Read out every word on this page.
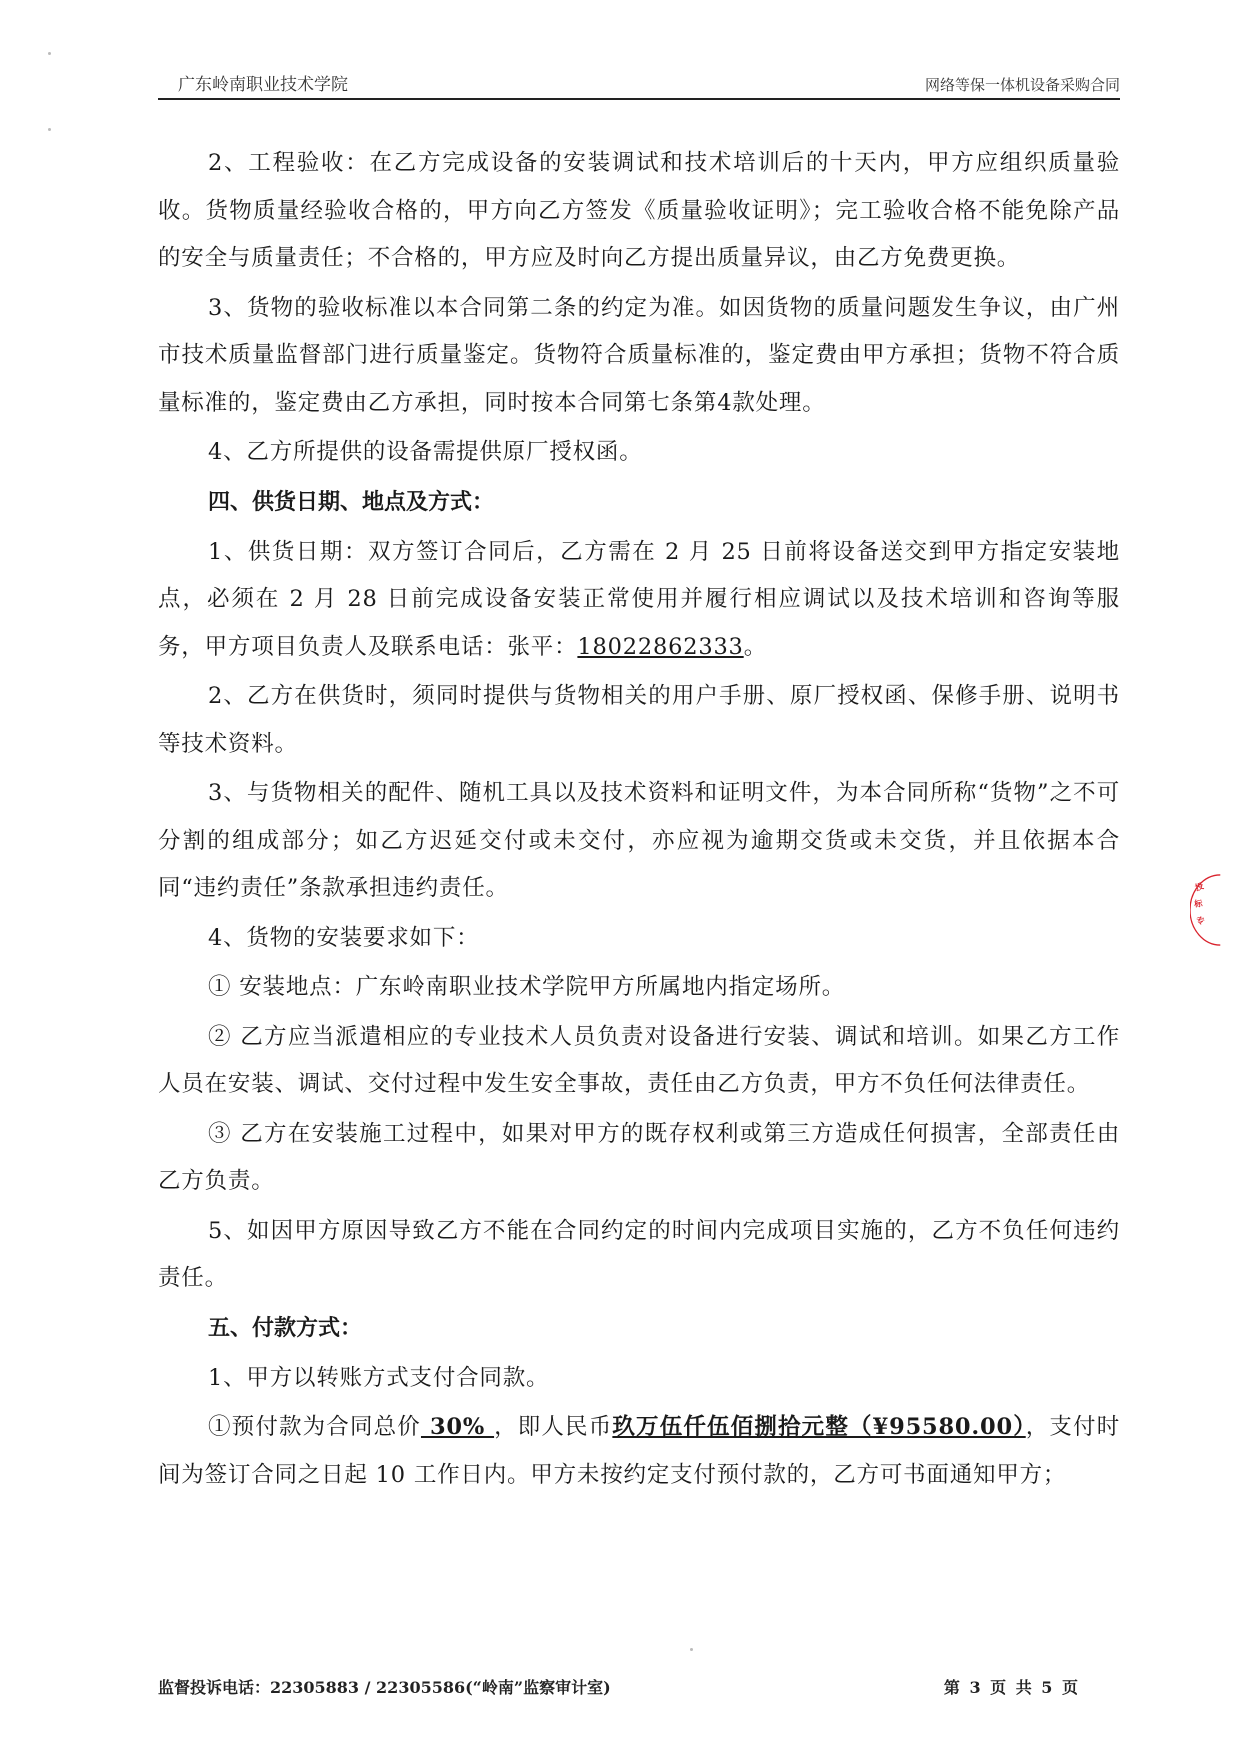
广东岭南职业技术学院	网络等保一体机设备采购合同

2、工程验收：在乙方完成设备的安装调试和技术培训后的十天内，甲方应组织质量验收。货物质量经验收合格的，甲方向乙方签发《质量验收证明》；完工验收合格不能免除产品的安全与质量责任；不合格的，甲方应及时向乙方提出质量异议，由乙方免费更换。

3、货物的验收标准以本合同第二条的约定为准。如因货物的质量问题发生争议，由广州市技术质量监督部门进行质量鉴定。货物符合质量标准的，鉴定费由甲方承担；货物不符合质量标准的，鉴定费由乙方承担，同时按本合同第七条第4款处理。

4、乙方所提供的设备需提供原厂授权函。

四、供货日期、地点及方式：

1、供货日期：双方签订合同后，乙方需在 2 月 25 日前将设备送交到甲方指定安装地点，必须在 2 月 28 日前完成设备安装正常使用并履行相应调试以及技术培训和咨询等服务，甲方项目负责人及联系电话：张平：18022862333。

2、乙方在供货时，须同时提供与货物相关的用户手册、原厂授权函、保修手册、说明书等技术资料。

3、与货物相关的配件、随机工具以及技术资料和证明文件，为本合同所称“货物”之不可分割的组成部分；如乙方迟延交付或未交付，亦应视为逾期交货或未交货，并且依据本合同“违约责任”条款承担违约责任。

4、货物的安装要求如下：

① 安装地点：广东岭南职业技术学院甲方所属地内指定场所。

② 乙方应当派遣相应的专业技术人员负责对设备进行安装、调试和培训。如果乙方工作人员在安装、调试、交付过程中发生安全事故，责任由乙方负责，甲方不负任何法律责任。

③ 乙方在安装施工过程中，如果对甲方的既存权利或第三方造成任何损害，全部责任由乙方负责。

5、如因甲方原因导致乙方不能在合同约定的时间内完成项目实施的，乙方不负任何违约责任。

五、付款方式：

1、甲方以转账方式支付合同款。

①预付款为合同总价 30% ，即人民币玖万伍仟伍佰捌拾元整（¥95580.00），支付时间为签订合同之日起 10 工作日内。甲方未按约定支付预付款的，乙方可书面通知甲方；

监督投诉电话：22305883 / 22305586(“岭南”监察审计室)	第 3 页 共 5 页
投
标
专
